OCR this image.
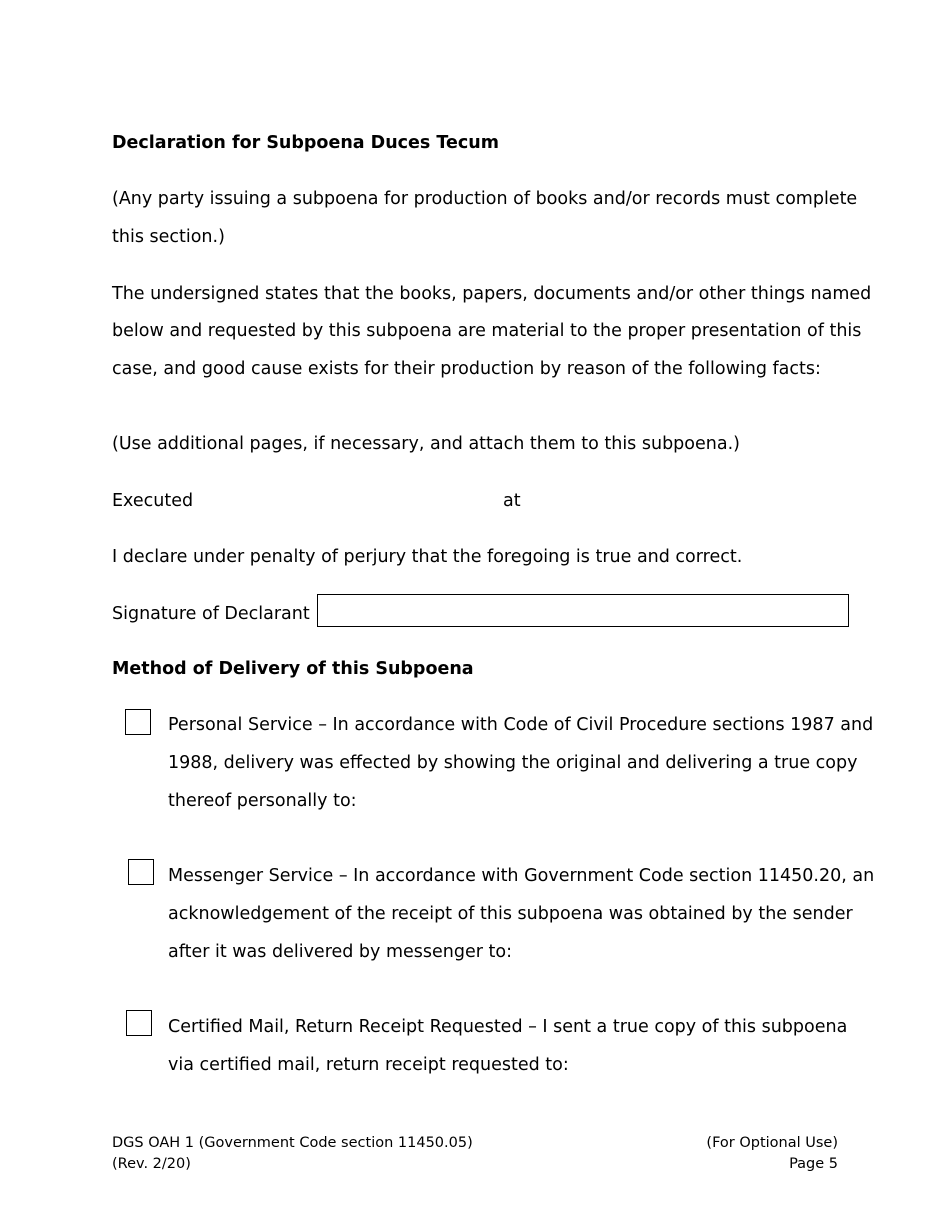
Declaration for Subpoena Duces Tecum

(Any party issuing a subpoena for production of books and/or records must complete

this section.)

The undersigned states that the books, papers, documents and/or other things named

below and requested by this subpoena are material to the proper presentation of this

case, and good cause exists for their production by reason of the following facts:

(Use additional pages, if necessary, and attach them to this subpoena.)

Executed	at

I declare under penalty of perjury that the foregoing is true and correct.

Signature of Declarant

Method of Delivery of this Subpoena

Personal Service – In accordance with Code of Civil Procedure sections 1987 and

1988, delivery was effected by showing the original and delivering a true copy

thereof personally to:

Messenger Service – In accordance with Government Code section 11450.20, an

acknowledgement of the receipt of this subpoena was obtained by the sender

after it was delivered by messenger to:

Certified Mail, Return Receipt Requested – I sent a true copy of this subpoena

via certified mail, return receipt requested to:

DGS OAH 1 (Government Code section 11450.05)

(Rev. 2/20)

(For Optional Use)

Page 5
